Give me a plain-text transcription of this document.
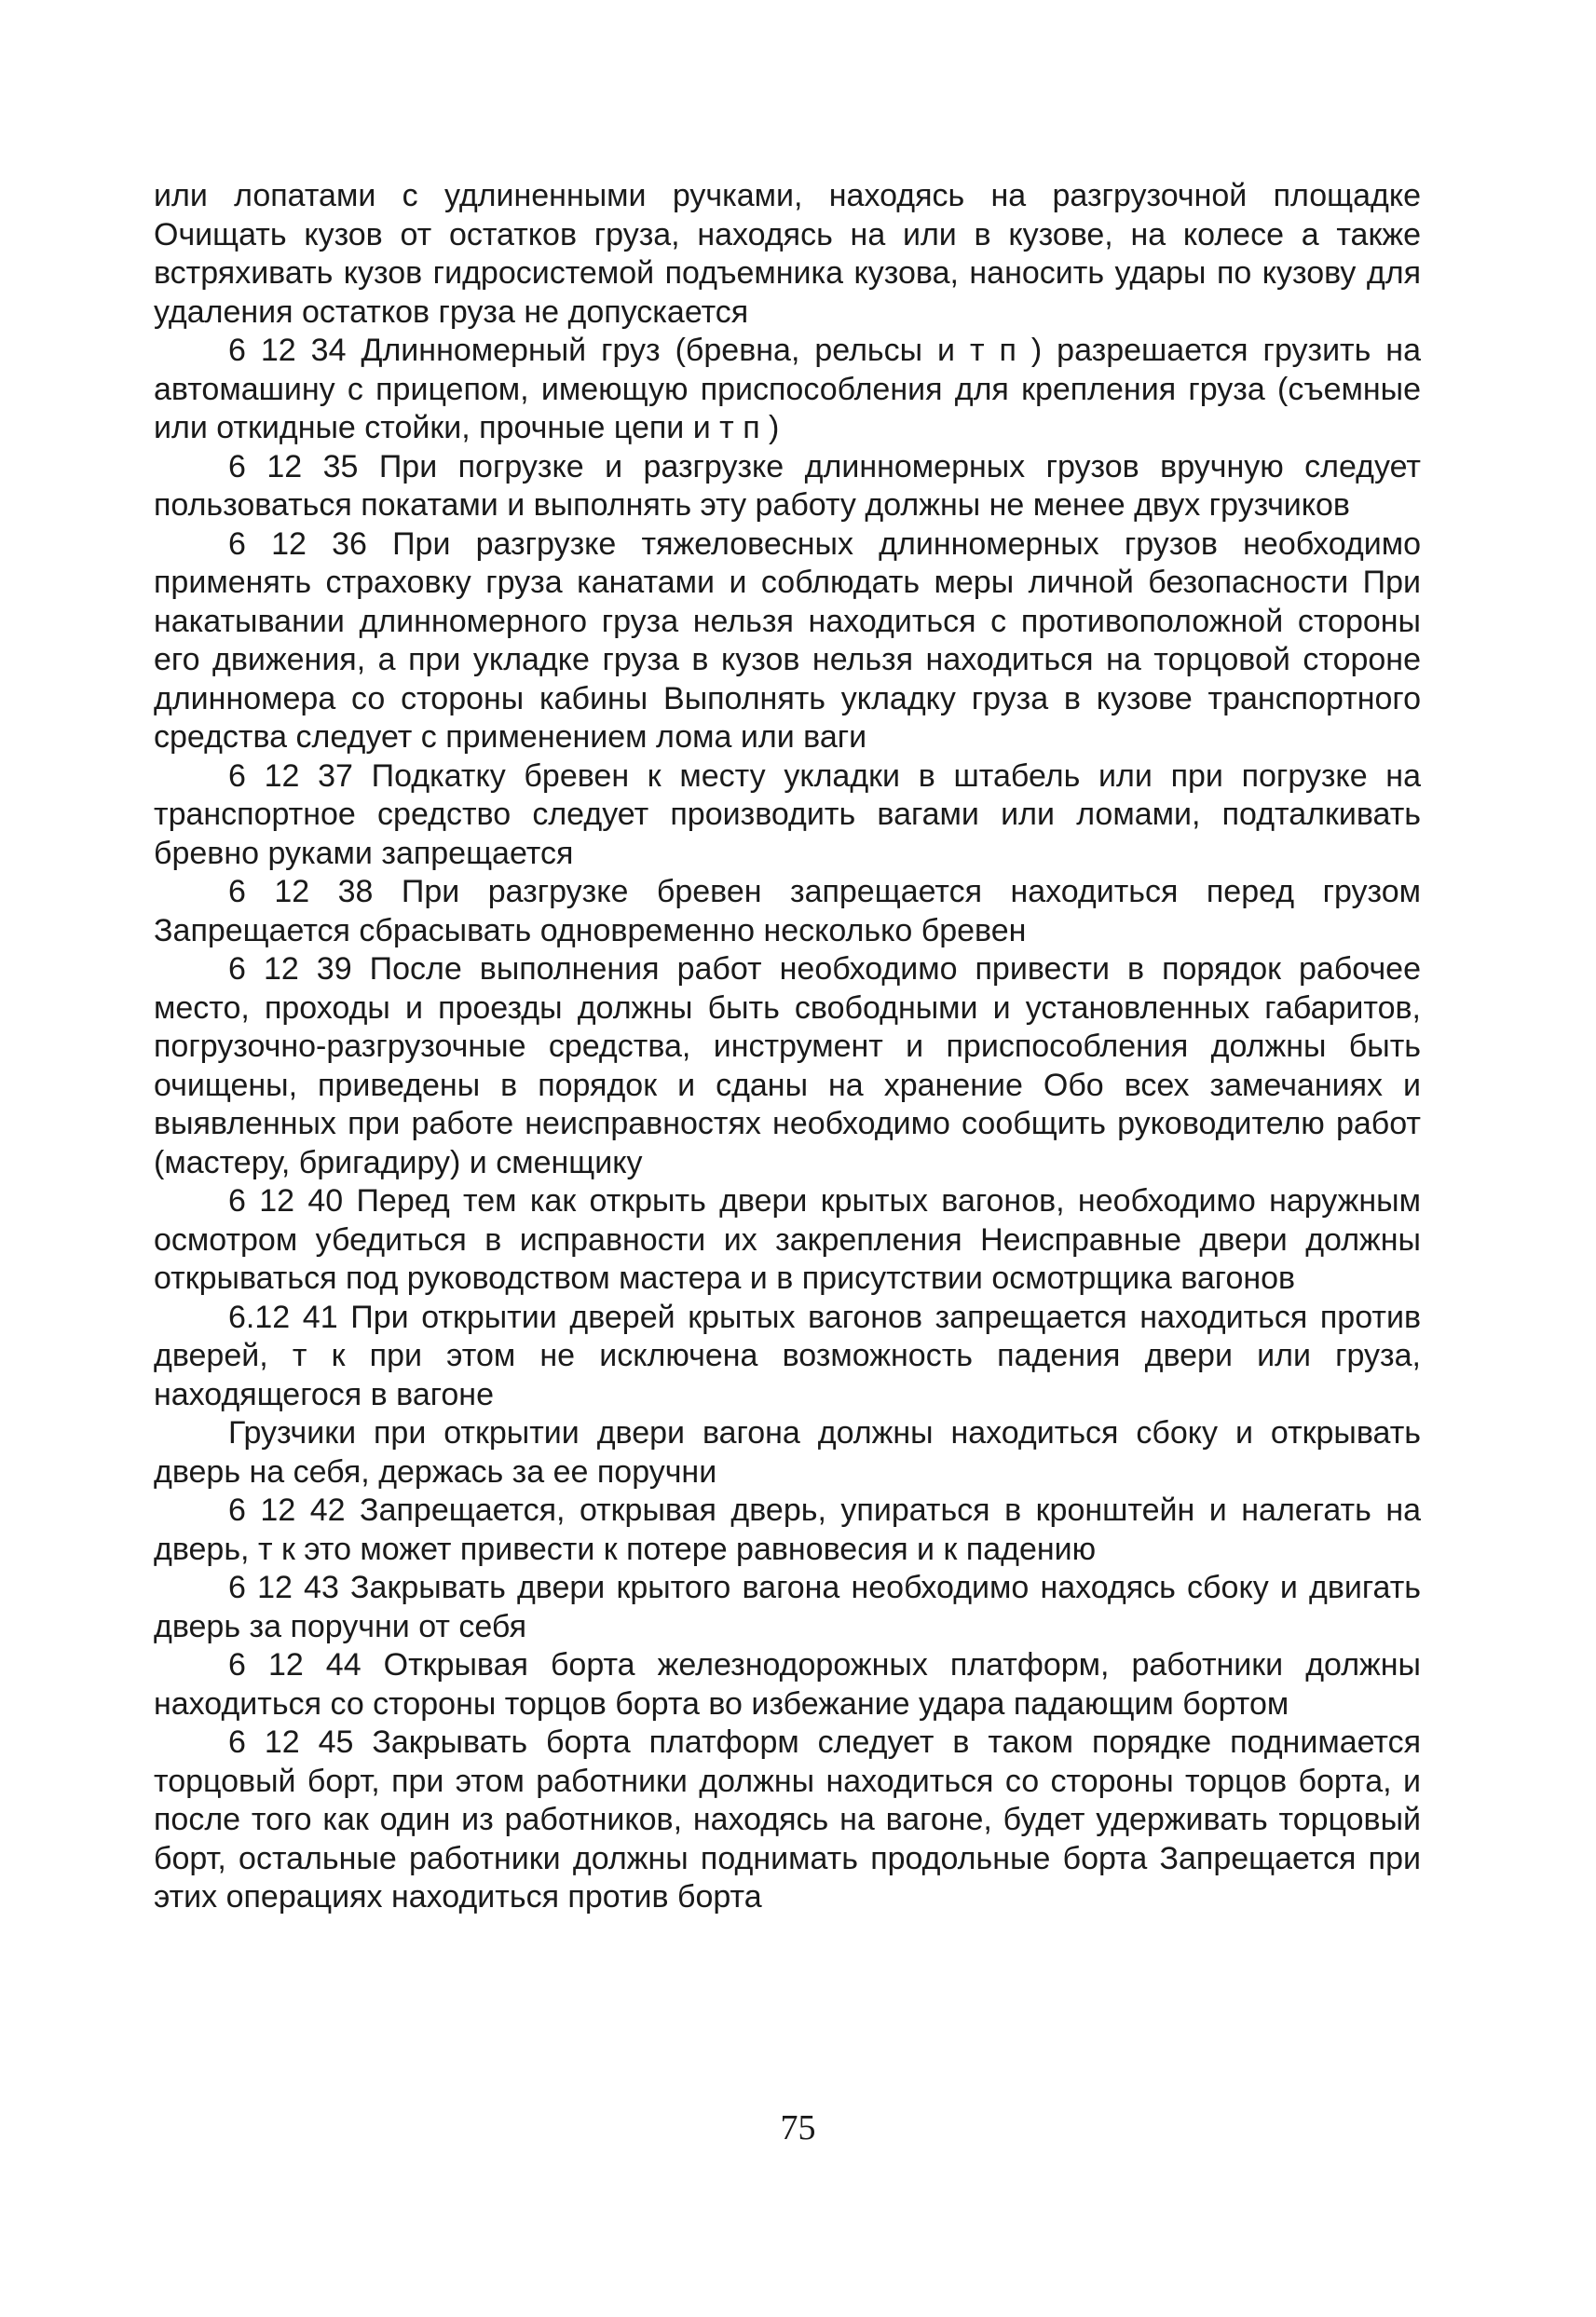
или лопатами с удлиненными ручками, находясь на разгрузочной площадке Очищать кузов от остатков груза, находясь на или в кузове, на колесе а также встряхивать кузов гидросистемой подъемника кузова, наносить удары по кузову для удаления остатков груза не допускается

6 12 34 Длинномерный груз (бревна, рельсы и т п ) разрешается грузить на автомашину с прицепом, имеющую приспособления для крепления груза (съемные или откидные стойки, прочные цепи и т п )

6 12 35 При погрузке и разгрузке длинномерных грузов вручную следует пользоваться покатами и выполнять эту работу должны не менее двух грузчиков

6 12 36 При разгрузке тяжеловесных длинномерных грузов необходимо применять страховку груза канатами и соблюдать меры личной безопасности При накатывании длинномерного груза нельзя находиться с противоположной стороны его движения, а при укладке груза в кузов нельзя находиться на торцовой стороне длинномера со стороны кабины Выполнять укладку груза в кузове транспортного средства следует с применением лома или ваги

6 12 37 Подкатку бревен к месту укладки в штабель или при погрузке на транспортное средство следует производить вагами или ломами, подталкивать бревно руками запрещается

6 12 38 При разгрузке бревен запрещается находиться перед грузом Запрещается сбрасывать одновременно несколько бревен

6 12 39 После выполнения работ необходимо привести в порядок рабочее место, проходы и проезды должны быть свободными и установленных габаритов, погрузочно-разгрузочные средства, инструмент и приспособления должны быть очищены, приведены в порядок и сданы на хранение Обо всех замечаниях и выявленных при работе неисправностях необходимо сообщить руководителю работ (мастеру, бригадиру) и сменщику

6 12 40 Перед тем как открыть двери крытых вагонов, необходимо наружным осмотром убедиться в исправности их закрепления Неисправные двери должны открываться под руководством мастера и в присутствии осмотрщика вагонов

6.12 41 При открытии дверей крытых вагонов запрещается находиться против дверей, т к при этом не исключена возможность падения двери или груза, находящегося в вагоне

Грузчики при открытии двери вагона должны находиться сбоку и открывать дверь на себя, держась за ее поручни

6 12 42 Запрещается, открывая дверь, упираться в кронштейн и налегать на дверь, т к это может привести к потере равновесия и к падению

6 12 43 Закрывать двери крытого вагона необходимо находясь сбоку и двигать дверь за поручни от себя

6 12 44 Открывая борта железнодорожных платформ, работники должны находиться со стороны торцов борта во избежание удара падающим бортом

6 12 45 Закрывать борта платформ следует в таком порядке поднимается торцовый борт, при этом работники должны находиться со стороны торцов борта, и после того как один из работников, находясь на вагоне, будет удерживать торцовый борт, остальные работники должны поднимать продольные борта Запрещается при этих операциях находиться против борта

75
